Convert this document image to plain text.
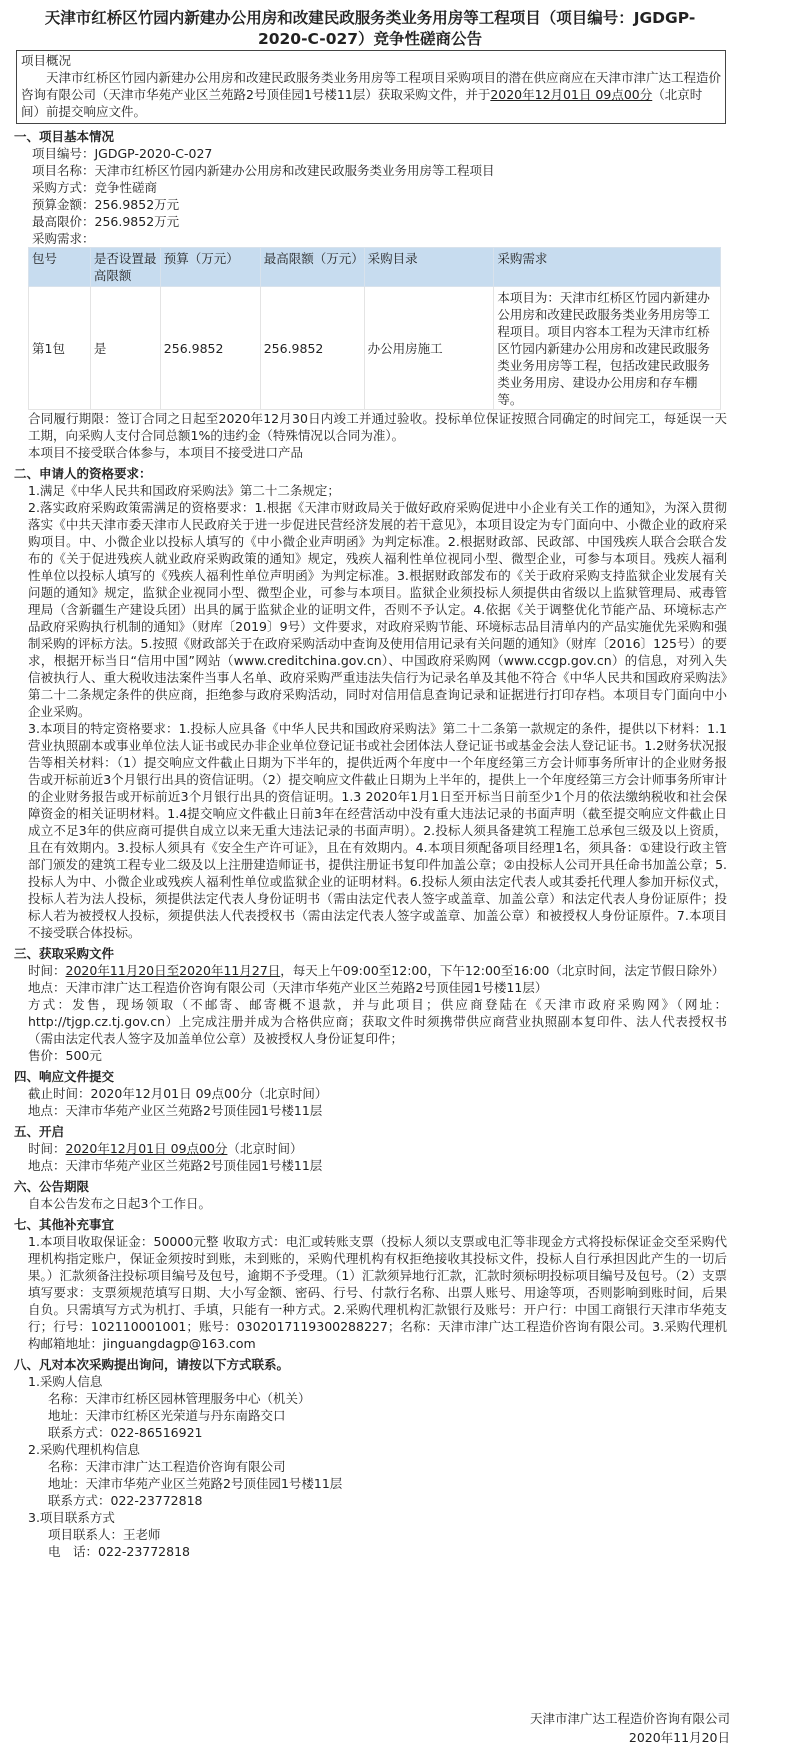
天津市红桥区竹园内新建办公用房和改建民政服务类业务用房等工程项目（项目编号：JGDGP-2020-C-027）竞争性磋商公告
项目概况
天津市红桥区竹园内新建办公用房和改建民政服务类业务用房等工程项目采购项目的潜在供应商应在天津市津广达工程造价咨询有限公司（天津市华苑产业区兰苑路2号顶佳园1号楼11层）获取采购文件，并于2020年12月01日 09点00分（北京时间）前提交响应文件。
一、项目基本情况
项目编号：JGDGP-2020-C-027
项目名称：天津市红桥区竹园内新建办公用房和改建民政服务类业务用房等工程项目
采购方式：竞争性磋商
预算金额：256.9852万元
最高限价：256.9852万元
采购需求：
包号	是否设置最高限额	预算（万元）	最高限额（万元）	采购目录	采购需求
第1包	是	256.9852	256.9852	办公用房施工	本项目为：天津市红桥区竹园内新建办公用房和改建民政服务类业务用房等工程项目。项目内容本工程为天津市红桥区竹园内新建办公用房和改建民政服务类业务用房等工程，包括改建民政服务类业务用房、建设办公用房和存车棚等。
合同履行期限：签订合同之日起至2020年12月30日内竣工并通过验收。投标单位保证按照合同确定的时间完工，每延误一天工期，向采购人支付合同总额1%的违约金（特殊情况以合同为准）。
本项目不接受联合体参与，本项目不接受进口产品
二、申请人的资格要求：
1.满足《中华人民共和国政府采购法》第二十二条规定；
2.落实政府采购政策需满足的资格要求：1.根据《天津市财政局关于做好政府采购促进中小企业有关工作的通知》，为深入贯彻落实《中共天津市委天津市人民政府关于进一步促进民营经济发展的若干意见》，本项目设定为专门面向中、小微企业的政府采购项目。中、小微企业以投标人填写的《中小微企业声明函》为判定标准。2.根据财政部、民政部、中国残疾人联合会联合发布的《关于促进残疾人就业政府采购政策的通知》规定，残疾人福利性单位视同小型、微型企业，可参与本项目。残疾人福利性单位以投标人填写的《残疾人福利性单位声明函》为判定标准。3.根据财政部发布的《关于政府采购支持监狱企业发展有关问题的通知》规定，监狱企业视同小型、微型企业，可参与本项目。监狱企业须投标人须提供由省级以上监狱管理局、戒毒管理局（含新疆生产建设兵团）出具的属于监狱企业的证明文件，否则不予认定。4.依据《关于调整优化节能产品、环境标志产品政府采购执行机制的通知》（财库〔2019〕9号）文件要求，对政府采购节能、环境标志品目清单内的产品实施优先采购和强制采购的评标方法。5.按照《财政部关于在政府采购活动中查询及使用信用记录有关问题的通知》（财库〔2016〕125号）的要求，根据开标当日“信用中国”网站（www.creditchina.gov.cn）、中国政府采购网（www.ccgp.gov.cn）的信息，对列入失信被执行人、重大税收违法案件当事人名单、政府采购严重违法失信行为记录名单及其他不符合《中华人民共和国政府采购法》第二十二条规定条件的供应商，拒绝参与政府采购活动，同时对信用信息查询记录和证据进行打印存档。本项目专门面向中小企业采购。
3.本项目的特定资格要求：1.投标人应具备《中华人民共和国政府采购法》第二十二条第一款规定的条件，提供以下材料：1.1营业执照副本或事业单位法人证书或民办非企业单位登记证书或社会团体法人登记证书或基金会法人登记证书。1.2财务状况报告等相关材料：（1）提交响应文件截止日期为下半年的，提供近两个年度中一个年度经第三方会计师事务所审计的企业财务报告或开标前近3个月银行出具的资信证明。（2）提交响应文件截止日期为上半年的，提供上一个年度经第三方会计师事务所审计的企业财务报告或开标前近3个月银行出具的资信证明。1.3 2020年1月1日至开标当日前至少1个月的依法缴纳税收和社会保障资金的相关证明材料。1.4提交响应文件截止日前3年在经营活动中没有重大违法记录的书面声明（截至提交响应文件截止日成立不足3年的供应商可提供自成立以来无重大违法记录的书面声明）。2.投标人须具备建筑工程施工总承包三级及以上资质，且在有效期内。3.投标人须具有《安全生产许可证》，且在有效期内。4.本项目须配备项目经理1名，须具备：①建设行政主管部门颁发的建筑工程专业二级及以上注册建造师证书，提供注册证书复印件加盖公章；②由投标人公司开具任命书加盖公章；5.投标人为中、小微企业或残疾人福利性单位或监狱企业的证明材料。6.投标人须由法定代表人或其委托代理人参加开标仪式，投标人若为法人投标，须提供法定代表人身份证明书（需由法定代表人签字或盖章、加盖公章）和法定代表人身份证原件；投标人若为被授权人投标，须提供法人代表授权书（需由法定代表人签字或盖章、加盖公章）和被授权人身份证原件。7.本项目不接受联合体投标。
三、获取采购文件
时间：2020年11月20日至2020年11月27日，每天上午09:00至12:00，下午12:00至16:00（北京时间，法定节假日除外）
地点：天津市津广达工程造价咨询有限公司（天津市华苑产业区兰苑路2号顶佳园1号楼11层）
方式：发售，现场领取（不邮寄、邮寄概不退款，并与此项目；供应商登陆在《天津市政府采购网》（网址：http://tjgp.cz.tj.gov.cn）上完成注册并成为合格供应商；获取文件时须携带供应商营业执照副本复印件、法人代表授权书（需由法定代表人签字及加盖单位公章）及被授权人身份证复印件；
售价：500元
四、响应文件提交
截止时间：2020年12月01日 09点00分（北京时间）
地点：天津市华苑产业区兰苑路2号顶佳园1号楼11层
五、开启
时间：2020年12月01日 09点00分（北京时间）
地点：天津市华苑产业区兰苑路2号顶佳园1号楼11层
六、公告期限
自本公告发布之日起3个工作日。
七、其他补充事宜
1.本项目收取保证金：50000元整 收取方式：电汇或转账支票（投标人须以支票或电汇等非现金方式将投标保证金交至采购代理机构指定账户，保证金须按时到账，未到账的，采购代理机构有权拒绝接收其投标文件，投标人自行承担因此产生的一切后果。）汇款须备注投标项目编号及包号，逾期不予受理。（1）汇款须异地行汇款，汇款时须标明投标项目编号及包号。（2）支票填写要求：支票须规范填写日期、大小写金额、密码、行号、付款行名称、出票人账号、用途等项，否则影响到账时间，后果自负。只需填写方式为机打、手填，只能有一种方式。2.采购代理机构汇款银行及账号：开户行：中国工商银行天津市华苑支行；行号：102110001001；账号：0302017119300288227；名称：天津市津广达工程造价咨询有限公司。3.采购代理机构邮箱地址：jinguangdagp@163.com
八、凡对本次采购提出询问，请按以下方式联系。
1.采购人信息
名称：天津市红桥区园林管理服务中心（机关）
地址：天津市红桥区光荣道与丹东南路交口
联系方式：022-86516921
2.采购代理机构信息
名称：天津市津广达工程造价咨询有限公司
地址：天津市华苑产业区兰苑路2号顶佳园1号楼11层
联系方式：022-23772818
3.项目联系方式
项目联系人：王老师
电　话：022-23772818
天津市津广达工程造价咨询有限公司
2020年11月20日
